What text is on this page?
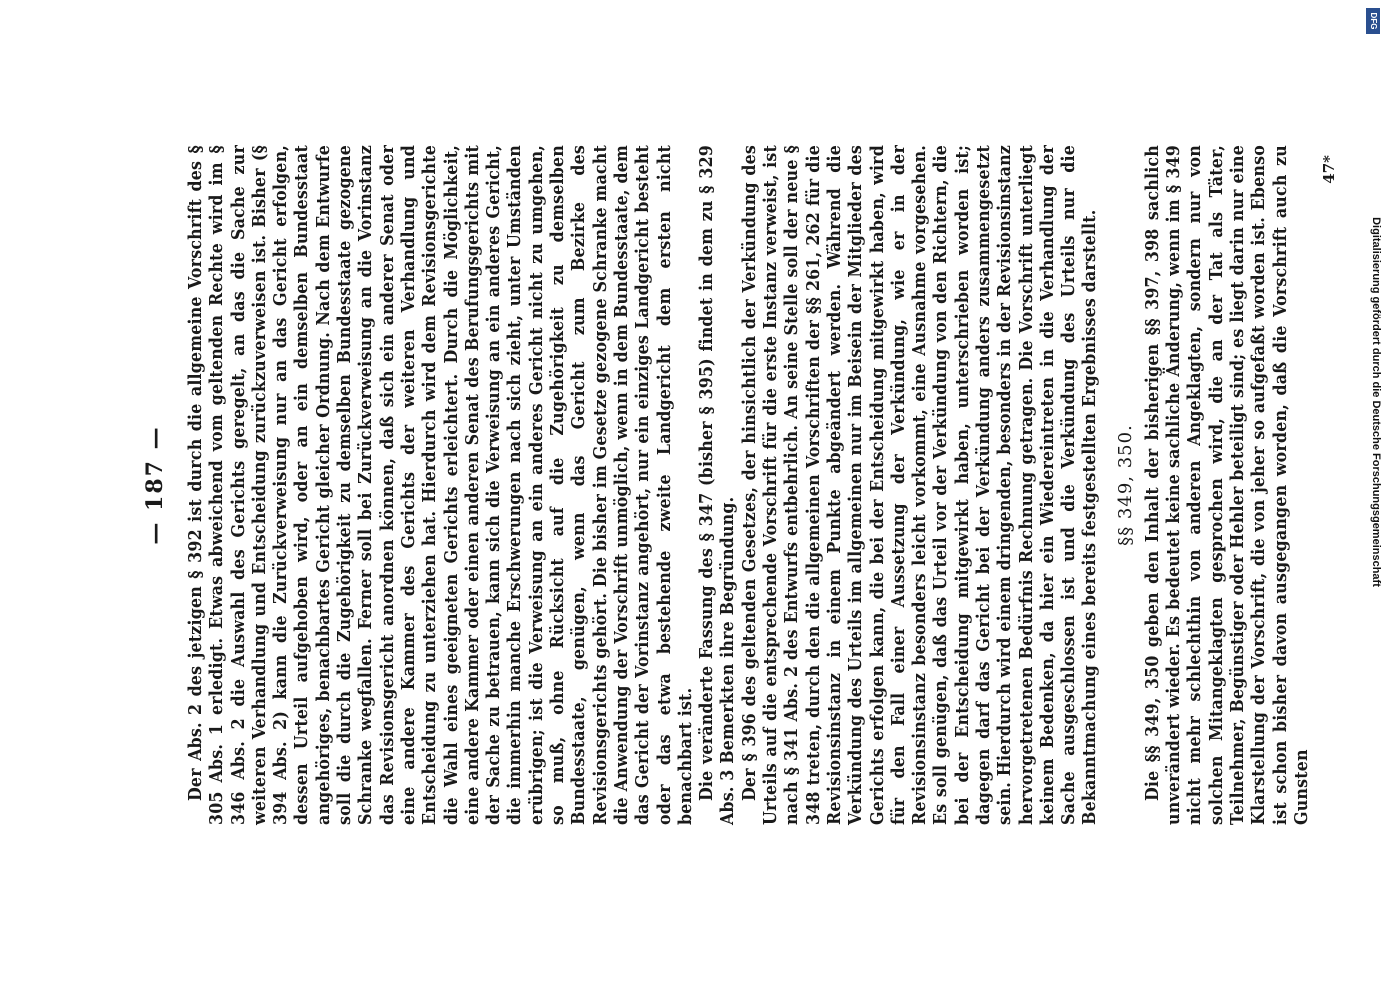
— 187 — Der Abs. 2 des jetzigen § 392 ist durch die allgemeine Vorschrift des § 305 Abs. 1 erledigt. Etwas abweichend vom geltenden Rechte wird im § 346 Abs. 2 die Auswahl des Gerichts geregelt, an das die Sache zur weiteren Verhandlung und Entscheidung zurückzuverweisen ist. Bisher (§ 394 Abs. 2) kann die Zurückverweisung nur an das Gericht erfolgen, dessen Urteil aufgehoben wird, oder an ein demselben Bundesstaat angehöriges, benachbartes Gericht gleicher Ordnung. Nach dem Entwurfe soll die durch die Zugehörigkeit zu demselben Bundesstaate gezogene Schranke wegfallen. Ferner soll bei Zurückverweisung an die Vorinstanz das Revisionsgericht anordnen können, daß sich ein anderer Senat oder eine andere Kammer des Gerichts der weiteren Verhandlung und Entscheidung zu unterziehen hat. Hierdurch wird dem Revisionsgerichte die Wahl eines geeigneten Gerichts erleichtert. Durch die Möglichkeit, eine andere Kammer oder einen anderen Senat des Berufungsgerichts mit der Sache zu betrauen, kann sich die Verweisung an ein anderes Gericht, die immerhin manche Erschwerungen nach sich zieht, unter Umständen erübrigen; ist die Verweisung an ein anderes Gericht nicht zu umgehen, so muß, ohne Rücksicht auf die Zugehörigkeit zu demselben Bundesstaate, genügen, wenn das Gericht zum Bezirke des Revisionsgerichts gehört. Die bisher im Gesetze gezogene Schranke macht die Anwendung der Vorschrift unmöglich, wenn in dem Bundesstaate, dem das Gericht der Vorinstanz angehört, nur ein einziges Landgericht besteht oder das etwa bestehende zweite Landgericht dem ersten nicht benachbart ist. Die veränderte Fassung des § 347 (bisher § 395) findet in dem zu § 329 Abs. 3 Bemerkten ihre Begründung. Der § 396 des geltenden Gesetzes, der hinsichtlich der Verkündung des Urteils auf die entsprechende Vorschrift für die erste Instanz verweist, ist nach § 341 Abs. 2 des Entwurfs entbehrlich. An seine Stelle soll der neue § 348 treten, durch den die allgemeinen Vorschriften der §§ 261, 262 für die Revisionsinstanz in einem Punkte abgeändert werden. Während die Verkündung des Urteils im allgemeinen nur im Beisein der Mitglieder des Gerichts erfolgen kann, die bei der Entscheidung mitgewirkt haben, wird für den Fall einer Aussetzung der Verkündung, wie er in der Revisionsinstanz besonders leicht vorkommt, eine Ausnahme vorgesehen. Es soll genügen, daß das Urteil vor der Verkündung von den Richtern, die bei der Entscheidung mitgewirkt haben, unterschrieben worden ist; dagegen darf das Gericht bei der Verkündung anders zusammengesetzt sein. Hierdurch wird einem dringenden, besonders in der Revisionsinstanz hervorgetretenen Bedürfnis Rechnung getragen. Die Vorschrift unterliegt keinem Bedenken, da hier ein Wiedereintreten in die Verhandlung der Sache ausgeschlossen ist und die Verkündung des Urteils nur die Bekanntmachung eines bereits festgestellten Ergebnisses darstellt. §§ 349, 350. Die §§ 349, 350 geben den Inhalt der bisherigen §§ 397, 398 sachlich unverändert wieder. Es bedeutet keine sachliche Änderung, wenn im § 349 nicht mehr schlechthin von anderen Angeklagten, sondern nur von solchen Mitangeklagten gesprochen wird, die an der Tat als Täter, Teilnehmer, Begünstiger oder Hehler beteiligt sind; es liegt darin nur eine Klarstellung der Vorschrift, die von jeher so aufgefaßt worden ist. Ebenso ist schon bisher davon ausgegangen worden, daß die Vorschrift auch zu Gunsten

47*
DFG
Digitalisierung gefördert durch die Deutsche Forschungsgemeinschaft
